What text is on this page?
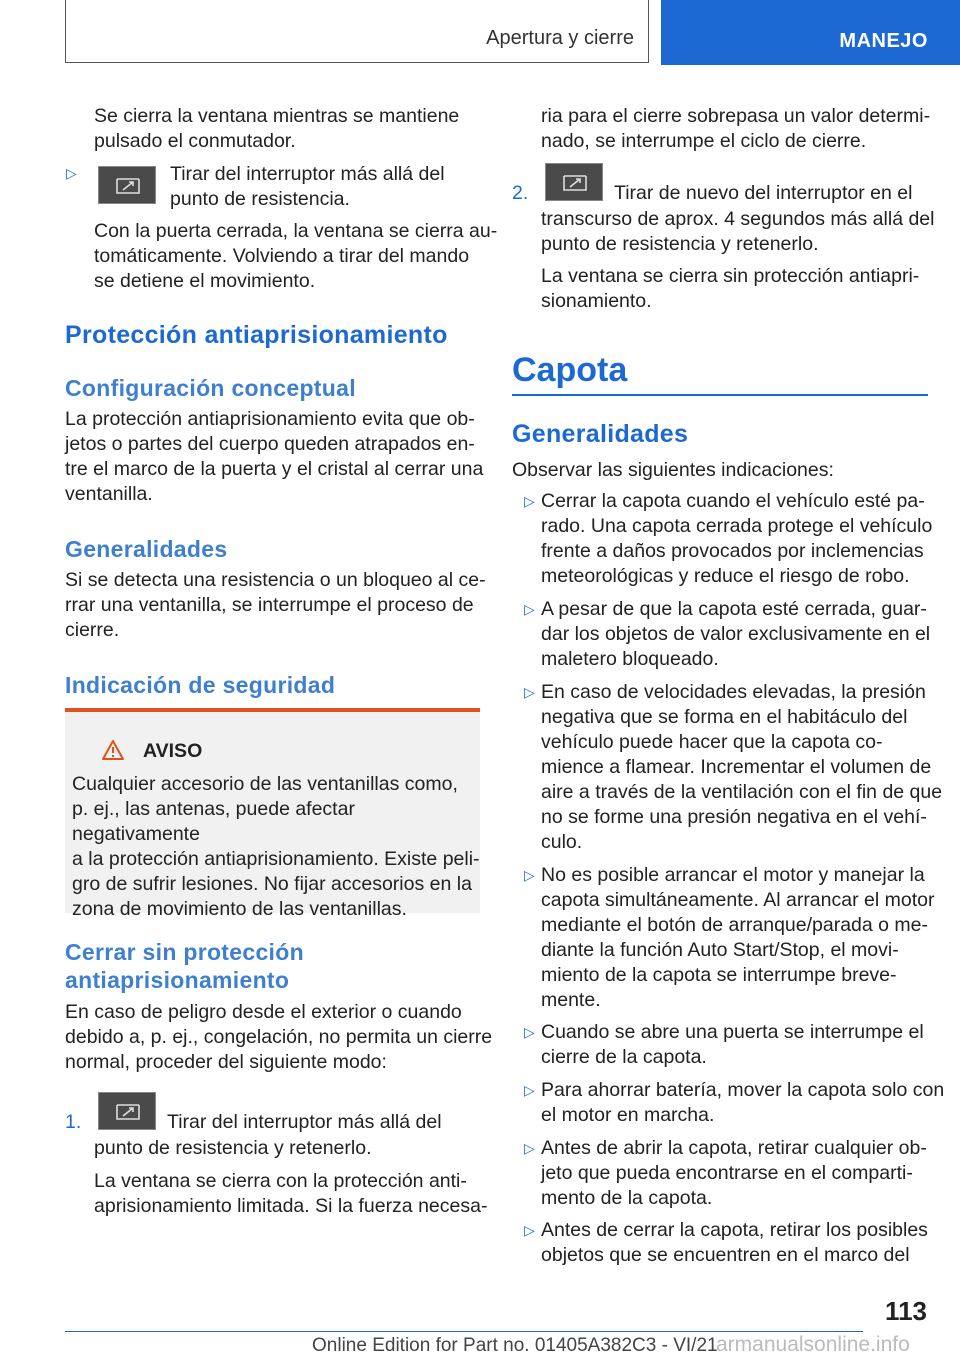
Apertura y cierre	MANEJO
Se cierra la ventana mientras se mantiene
pulsado el conmutador.
▷	Tirar del interruptor más allá del
punto de resistencia.
Con la puerta cerrada, la ventana se cierra au-
tomáticamente. Volviendo a tirar del mando
se detiene el movimiento.
Protección antiaprisionamiento
Configuración conceptual
La protección antiaprisionamiento evita que ob-
jetos o partes del cuerpo queden atrapados en-
tre el marco de la puerta y el cristal al cerrar una
ventanilla.
Generalidades
Si se detecta una resistencia o un bloqueo al ce-
rrar una ventanilla, se interrumpe el proceso de
cierre.
Indicación de seguridad
AVISO
Cualquier accesorio de las ventanillas como,
p. ej., las antenas, puede afectar negativamente
a la protección antiaprisionamiento. Existe peli-
gro de sufrir lesiones. No fijar accesorios en la
zona de movimiento de las ventanillas.
Cerrar sin protección
antiaprisionamiento
En caso de peligro desde el exterior o cuando
debido a, p. ej., congelación, no permita un cierre
normal, proceder del siguiente modo:
1.	Tirar del interruptor más allá del
punto de resistencia y retenerlo.
La ventana se cierra con la protección anti-
aprisionamiento limitada. Si la fuerza necesa-
ria para el cierre sobrepasa un valor determi-
nado, se interrumpe el ciclo de cierre.
2.	Tirar de nuevo del interruptor en el
transcurso de aprox. 4 segundos más allá del
punto de resistencia y retenerlo.
La ventana se cierra sin protección antiapri-
sionamiento.
Capota
Generalidades
Observar las siguientes indicaciones:
▷ Cerrar la capota cuando el vehículo esté pa-
rado. Una capota cerrada protege el vehículo
frente a daños provocados por inclemencias
meteorológicas y reduce el riesgo de robo.
▷ A pesar de que la capota esté cerrada, guar-
dar los objetos de valor exclusivamente en el
maletero bloqueado.
▷ En caso de velocidades elevadas, la presión
negativa que se forma en el habitáculo del
vehículo puede hacer que la capota co-
mience a flamear. Incrementar el volumen de
aire a través de la ventilación con el fin de que
no se forme una presión negativa en el vehí-
culo.
▷ No es posible arrancar el motor y manejar la
capota simultáneamente. Al arrancar el motor
mediante el botón de arranque/parada o me-
diante la función Auto Start/Stop, el movi-
miento de la capota se interrumpe breve-
mente.
▷ Cuando se abre una puerta se interrumpe el
cierre de la capota.
▷ Para ahorrar batería, mover la capota solo con
el motor en marcha.
▷ Antes de abrir la capota, retirar cualquier ob-
jeto que pueda encontrarse en el comparti-
mento de la capota.
▷ Antes de cerrar la capota, retirar los posibles
objetos que se encuentren en el marco del
113
Online Edition for Part no. 01405A382C3 - VI/21
armanualsonline.info
